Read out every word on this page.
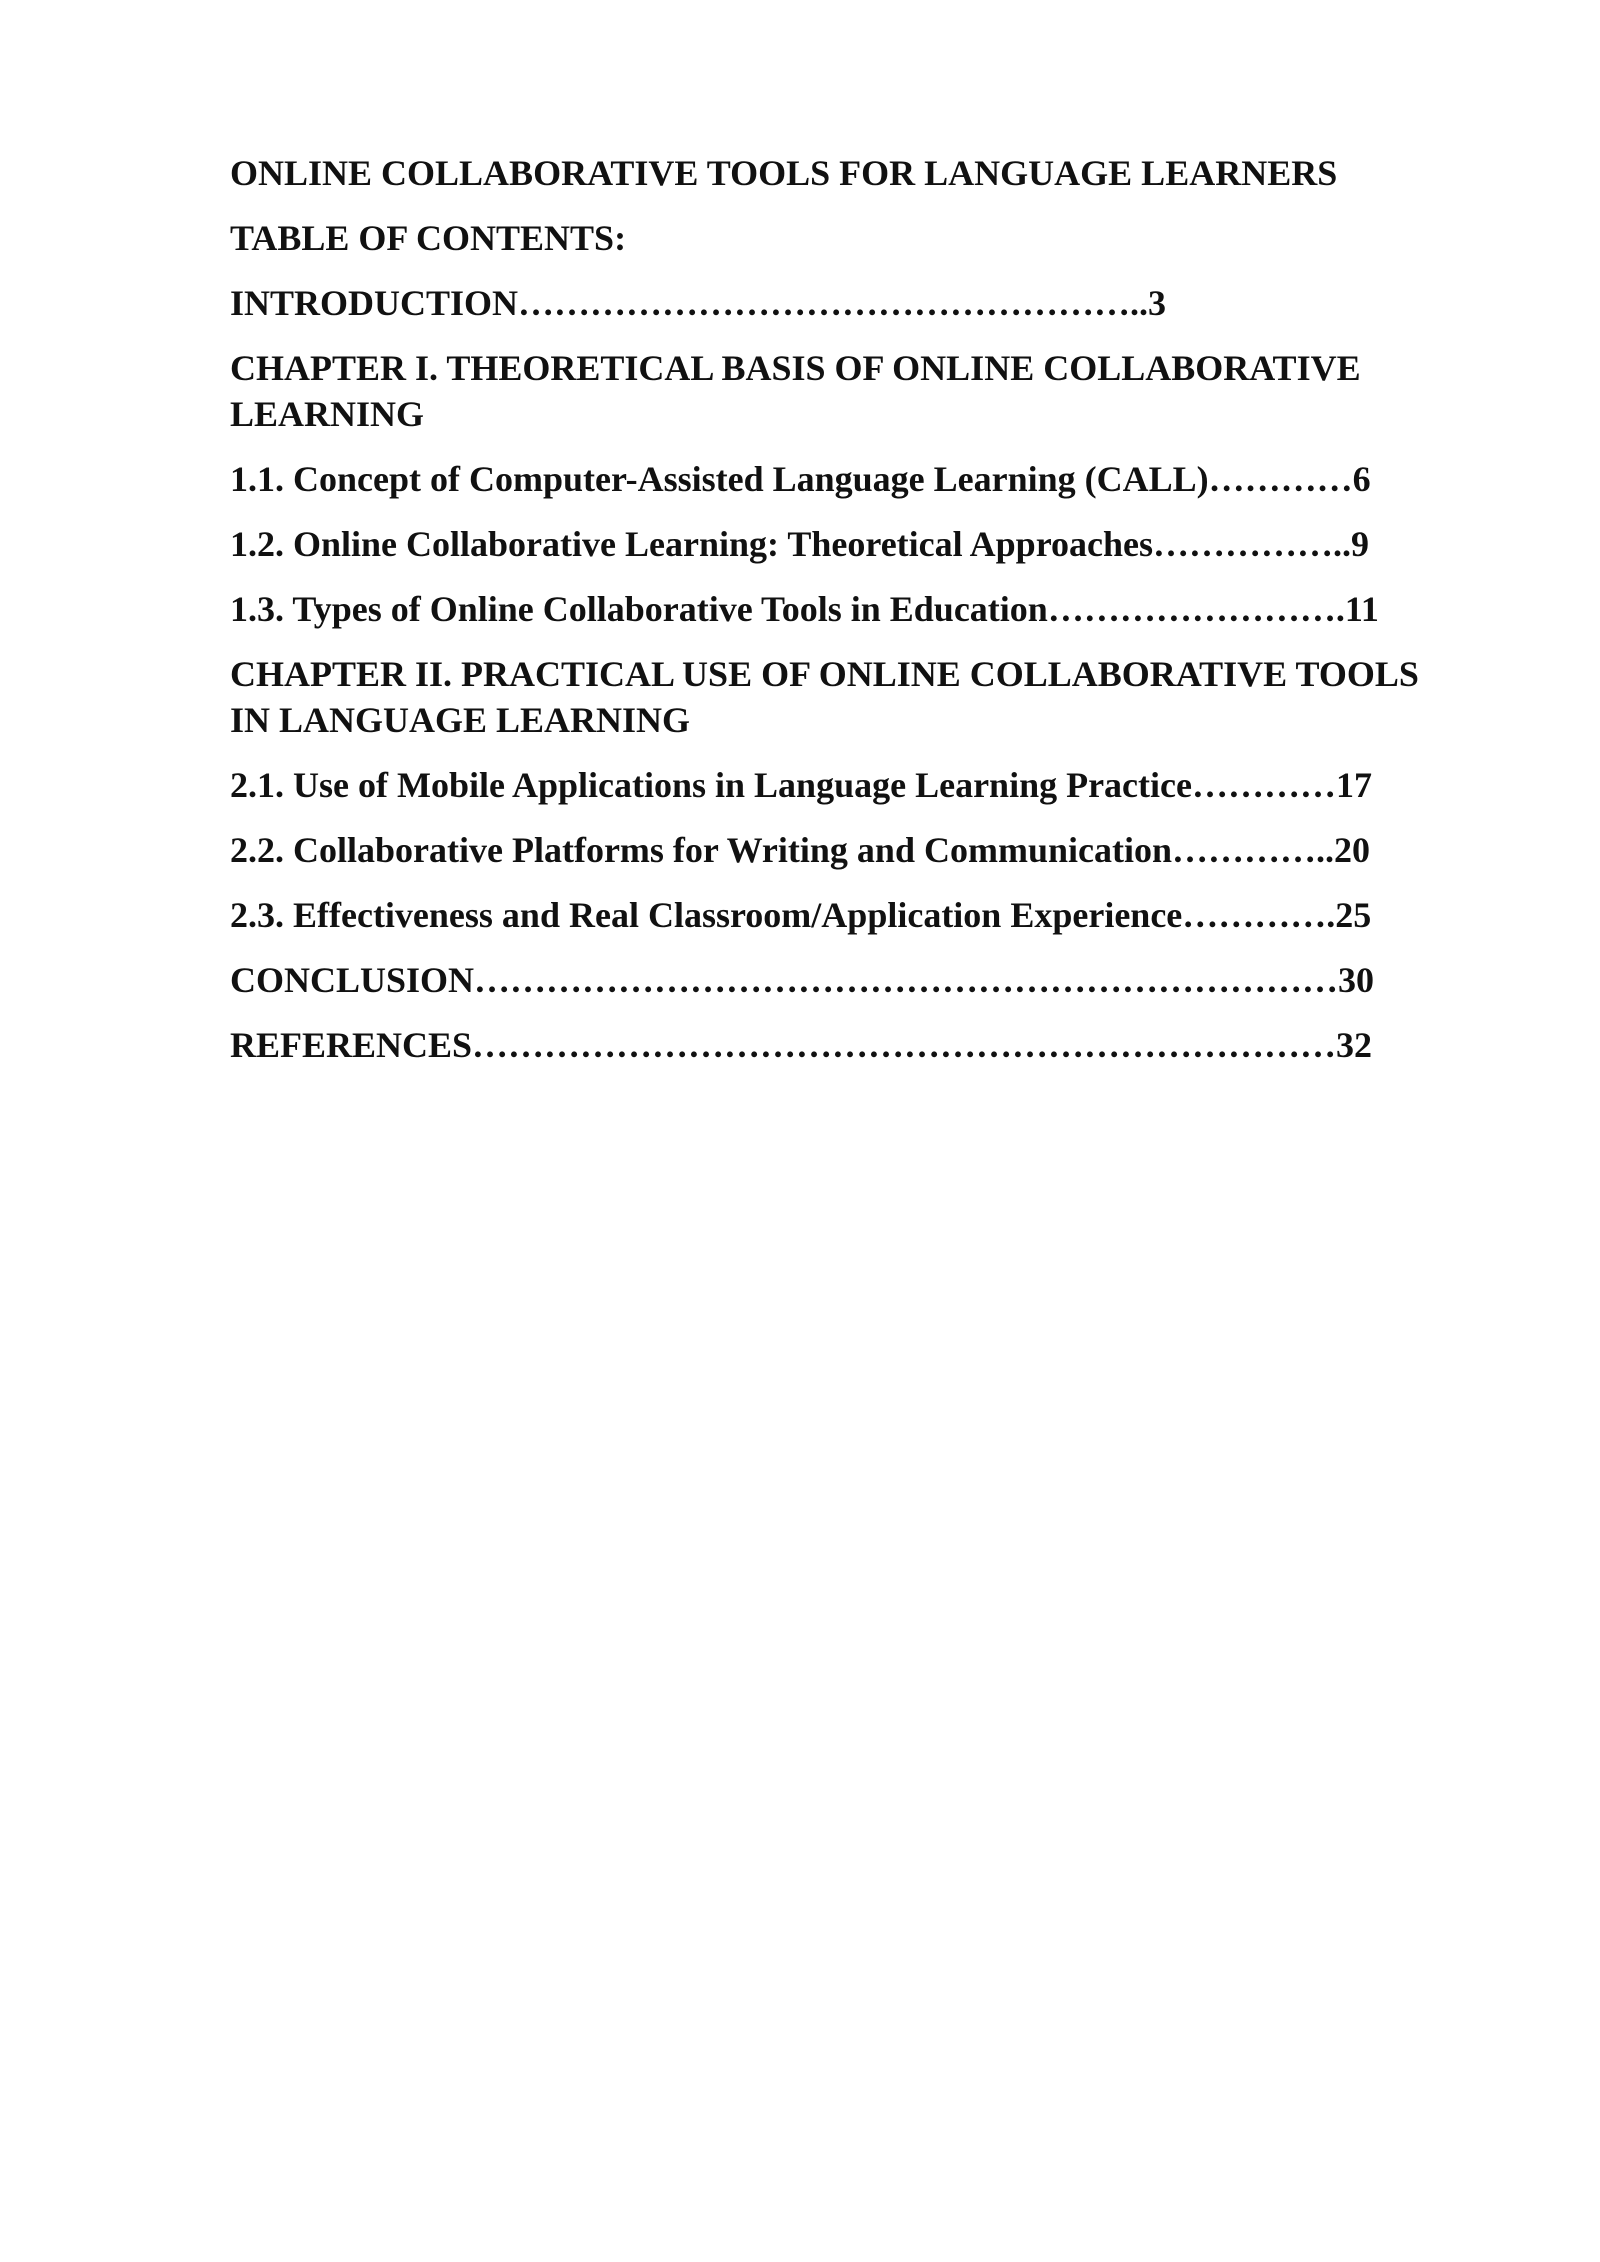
ONLINE COLLABORATIVE TOOLS FOR LANGUAGE LEARNERS

TABLE OF CONTENTS:

INTRODUCTION……………………………………………..3

CHAPTER I. THEORETICAL BASIS OF ONLINE COLLABORATIVE

LEARNING

1.1. Concept of Computer-Assisted Language Learning (CALL)…………6

1.2. Online Collaborative Learning: Theoretical Approaches……………..9

1.3. Types of Online Collaborative Tools in Education…………………….11

CHAPTER II. PRACTICAL USE OF ONLINE COLLABORATIVE TOOLS

IN LANGUAGE LEARNING

2.1. Use of Mobile Applications in Language Learning Practice…………17

2.2. Collaborative Platforms for Writing and Communication…………..20

2.3. Effectiveness and Real Classroom/Application Experience………….25

CONCLUSION………………………………………………………………30

REFERENCES………………………………………………………………32
